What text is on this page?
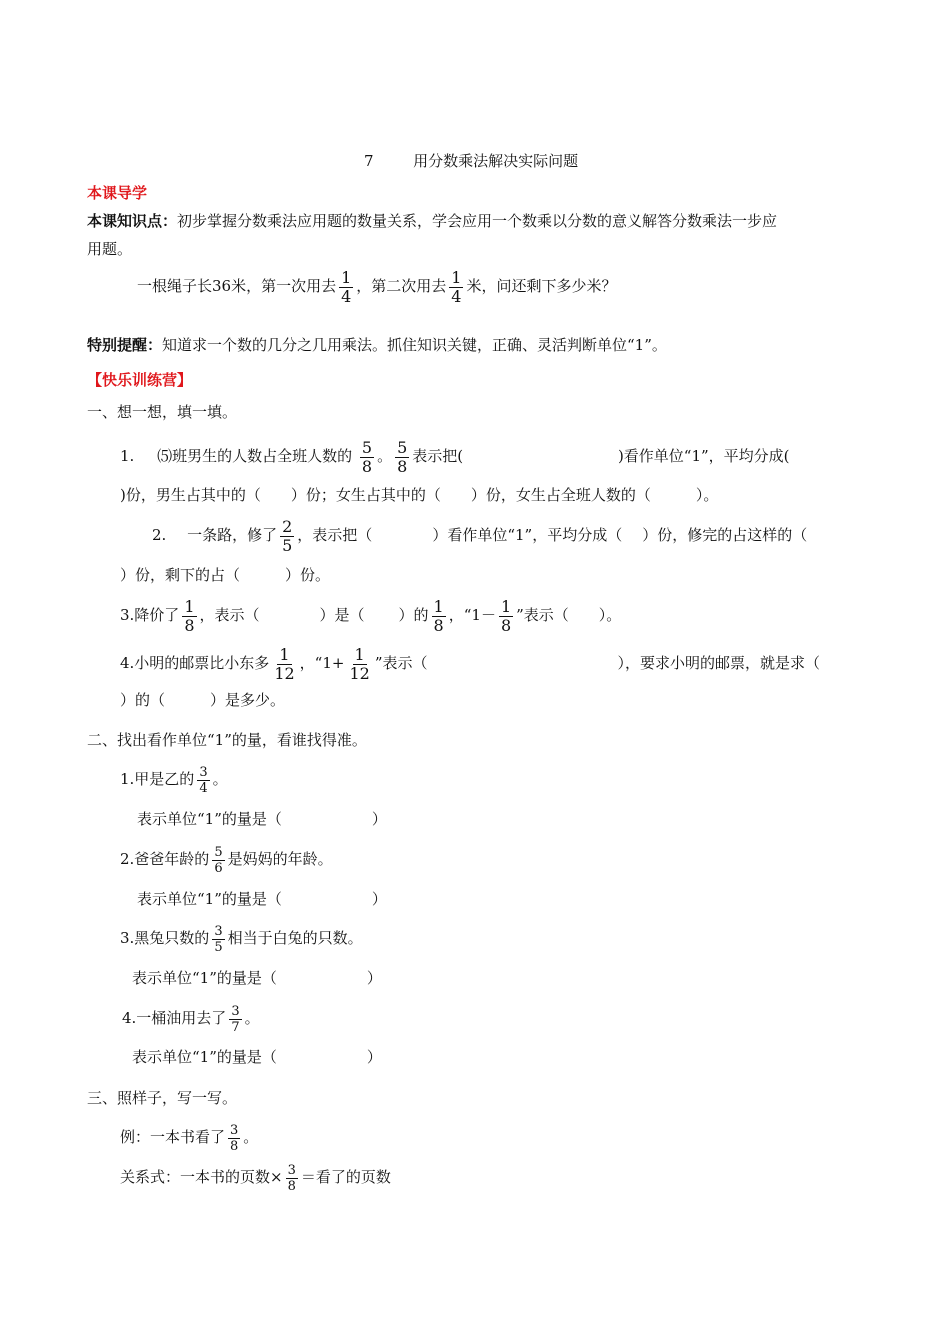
7	用分数乘法解决实际问题
本课导学
本课知识点：初步掌握分数乘法应用题的数量关系，学会应用一个数乘以分数的意义解答分数乘法一步应
用题。
一根绳子长36米，第一次用去 $\frac{1}{4}$ ，第二次用去 $\frac{1}{4}$ 米，问还剩下多少米？
特别提醒：知道求一个数的几分之几用乘法。抓住知识关键，正确、灵活判断单位“1”。
【快乐训练营】
一、想一想，填一填。
1. ⑸班男生的人数占全班人数的 $\frac{5}{8}$ 。 $\frac{5}{8}$ 表示把(	)看作单位“1”，平均分成(
)份，男生占其中的（　　）份；女生占其中的（　　）份，女生占全班人数的（　　　）。
2. 一条路，修了 $\frac{2}{5}$ ，表示把（	）看作单位“1”，平均分成（ ）份，修完的占这样的（
）份，剩下的占（　　　）份。
3.降价了 $\frac{1}{8}$ ，表示（	）是（ ）的 $\frac{1}{8}$ ，“$1- \frac{1}{8}$ ”表示（　　）。
4.小明的邮票比小东多 $\frac{1}{12}$ ，“$1+ \frac{1}{12}$ ”表示（	），要求小明的邮票，就是求（
）的（　　　）是多少。
二、找出看作单位“1”的量，看谁找得准。
1.甲是乙的 $\frac{3}{4}$ 。
表示单位“1”的量是（　　　　　　）
2.爸爸年龄的 $\frac{5}{6}$ 是妈妈的年龄。
表示单位“1”的量是（　　　　　　）
3.黑兔只数的 $\frac{3}{5}$ 相当于白兔的只数。
表示单位“1”的量是（　　　　　　）
4.一桶油用去了 $\frac{3}{7}$ 。
表示单位“1”的量是（　　　　　　）
三、照样子，写一写。
例：一本书看了 $\frac{3}{8}$ 。
关系式：一本书的页数× $\frac{3}{8}$ ＝看了的页数
